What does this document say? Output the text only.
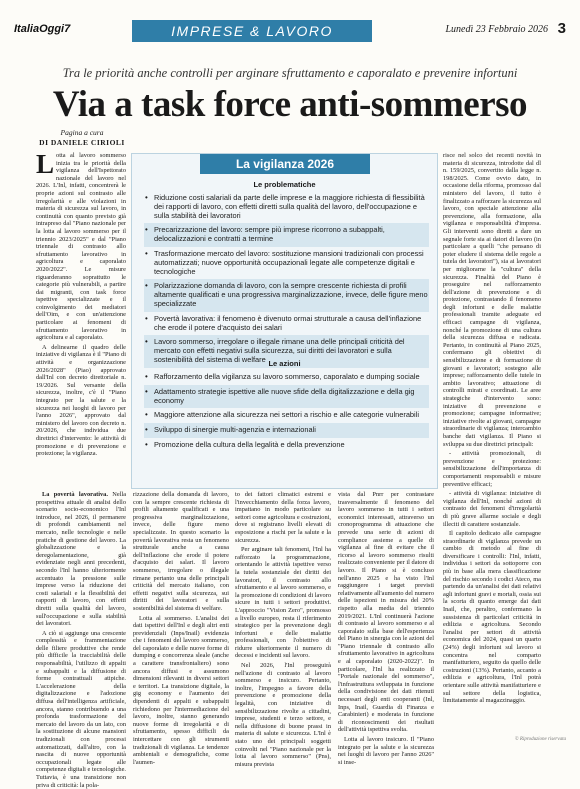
ItaliaOggi7	IMPRESE & LAVORO	Lunedì 23 Febbraio 2026 3
Tra le priorità anche controlli per arginare sfruttamento e caporalato e prevenire infortuni
Via a task force anti-sommerso
Pagina a cura
DI DANIELE CIRIOLI

Lotta al lavoro sommerso inizia tra le priorità della vigilanza dell'Ispettorato nazionale del lavoro nel 2026. L'Inl, infatti, concentrerà le proprie azioni sul contrasto alle irregolarità e alle violazioni in materia di sicurezza sul lavoro, in continuità con quanto previsto già intrapreso dal "Piano nazionale per la lotta al lavoro sommerso per il triennio 2023/2025" e dal "Piano triennale di contrasto allo sfruttamento lavorativo in agricoltura e caporalato 2020/2022". Le misure riguarderanno soprattutto le categorie più vulnerabili, a partire dai migranti, con task force ispettive specializzate e il coinvolgimento dei mediatori dell'Oim, e con un'attenzione particolare ai fenomeni di sfruttamento lavorativo in agricoltura e al caporalato.

A delinearne il quadro delle iniziative di vigilanza è il "Piano di attività e organizzazione 2026/2028" (Piao) approvato dall'Inl con decreto direttoriale n. 19/2026. Sul versante della sicurezza, inoltre, c'è il "Piano integrato per la salute e la sicurezza nei luoghi di lavoro per l'anno 2026", approvato dal ministero del lavoro con decreto n. 20/2026, che individua due direttrici d'intervento: le attività di promozione e di prevenzione e protezione; la vigilanza.

La povertà lavorativa. Nella prospettiva attuale di analisi dello scenario socio-economico l'Inl introduce, nel 2026, il permanere di profondi cambiamenti nel mercato, nelle tecnologie e nelle pratiche di gestione del lavoro. La globalizzazione e la deregolamentazione, già evidenziate negli anni precedenti, secondo l'Inl hanno ulteriormente accentuato la pressione sulle imprese verso la riduzione dei costi salariali e la flessibilità dei rapporti di lavoro, con effetti diretti sulla qualità del lavoro, sull'occupazione e sulla stabilità dei lavoratori.

A ciò si aggiunge una crescente complessità e frammentazione delle filiere produttive che rende più difficile la tracciabilità delle responsabilità, l'utilizzo di appalti e subappalti e la diffusione di forme contrattuali atipiche. L'accelerazione della digitalizzazione e l'adozione diffusa dell'intelligenza artificiale, ancora, stanno contribuendo a una profonda trasformazione del mercato del lavoro da un lato, con la sostituzione di alcune mansioni tradizionali con processi automatizzati, dall'altro, con la nascita di nuove opportunità occupazionali legate alle competenze digitali e tecnologiche. Tuttavia, è una transizione non priva di criticità: la pola-

rizzazione della domanda di lavoro, con la sempre crescente richiesta di profili altamente qualificati e una progressiva marginalizzazione, invece, delle figure meno specializzate. In questo scenario la povertà lavorativa resta un fenomeno strutturale anche a causa dell'inflazione che erode il potere d'acquisto dei salari. Il lavoro sommerso, irregolare o illegale rimane pertanto una delle principali criticità del mercato italiano, con effetti negativi sulla sicurezza, sui diritti dei lavoratori e sulla sostenibilità del sistema di welfare.

Lotta al sommerso. L'analisi dei dati ispettivi dell'Inl e degli altri enti previdenziali (Inps/Inail) evidenzia che i fenomeni del lavoro sommerso, del caporalato e delle nuove forme di dumping e concorrenza sleale (anche a carattere transfrontaliero) sono ancora diffusi e assumono dimensioni rilevanti in diversi settori e territori. La transizione digitale, la gig economy e l'aumento dei dipendenti di appalti e subappalti richiedono per l'intermediazione del lavoro, inoltre, stanno generando nuove forme di irregolarità e di sfruttamento, spesso difficili da intercettare con gli strumenti tradizionali di vigilanza. Le tendenze ambientali e demografiche, come l'aumen-

to dei fattori climatici estremi e l'invecchiamento della forza lavoro, impattano in modo particolare su settori come agricoltura e costruzioni, dove si registrano livelli elevati di esposizione a rischi per la salute e la sicurezza.

Per arginare tali fenomeni, l'Inl ha rafforzato la programmazione, orientando le attività ispettive verso la tutela sostanziale dei diritti dei lavoratori, il contrasto allo sfruttamento e al lavoro sommerso, e la promozione di condizioni di lavoro sicure in tutti i settori produttivi. L'approccio "Vision Zero", promosso a livello europeo, resta il riferimento strategico per la prevenzione degli infortuni e delle malattie professionali, con l'obiettivo di ridurre ulteriormente il numero di decessi e incidenti sul lavoro.

Nel 2026, l'Inl proseguirà nell'azione di contrasto al lavoro sommerso e insicuro. Pertanto, inoltre, l'impegno a favore della prevenzione e promozione della legalità, con iniziative di sensibilizzazione rivolte a cittadini, imprese, studenti e terzo settore, e nella diffusione di buone prassi in materia di salute e sicurezza. L'Inl è stato uno dei principali soggetti coinvolti nel "Piano nazionale per la lotta al lavoro sommerso" (Pns), misura prevista

vista dal Pnrr per contrastare trasversalmente il fenomeno del lavoro sommerso in tutti i settori economici interessati, attraverso un cronoprogramma di attuazione che prevede una serie di azioni di compliance assieme a quelle di vigilanza al fine di evitare che il ricorso al lavoro sommerso risulti realizzato conveniente per il datore di lavoro. Il Piano si è concluso nell'anno 2025 e ha visto l'Inl raggiungere i target previsti relativamente all'aumento del numero delle ispezioni in misura del 20% rispetto alla media del triennio 2019/2021. L'Inl continuerà l'azione di contrasto al lavoro sommerso e al caporalato sulla base dell'esperienza del Piano in sinergia con le azioni del "Piano triennale di contrasto allo sfruttamento lavorativo in agricoltura e al caporalato (2020-2022)". In particolare, l'Inl ha realizzato il "Portale nazionale del sommerso", l'infrastruttura sviluppata in funzione della condivisione dei dati ritenuti necessari degli enti cooperanti (Inl, Inps, Inail, Guardia di Finanza e Carabinieri) e moderata in funzione di riconoscimenti dei risultati dell'attività ispettiva svolta.

Lotta al lavoro insicuro. Il "Piano integrato per la salute e la sicurezza nei luoghi di lavoro per l'anno 2026" si inse-

risce nel solco dei recenti novità in materia di sicurezza, introdotte dal dl n. 159/2025, convertito dalla legge n. 198/2025. Come ovvio dato, in occasione della riforma, promosso dal ministero del lavoro, il tutto è finalizzato a rafforzare la sicurezza sul lavoro, con speciale attenzione alla prevenzione, alla formazione, alla vigilanza e responsabilità d'impresa. Gli interventi sono diretti a dare un segnale forte sia ai datori di lavoro (in particolare a quelli "che pensano di poter eludere il sistema delle regole a tutela dei lavoratori"), sia ai lavoratori per migliorarne la "cultura" della sicurezza. Finalità del Piano è proseguire nel rafforzamento dell'azione di prevenzione e di protezione, contrastando il fenomeno degli infortuni e delle malattie professionali tramite adeguate ed efficaci campagne di vigilanza, nonché la promozione di una cultura della sicurezza diffusa e radicata. Pertanto, in continuità al Piano 2025, confermano gli obiettivi di sensibilizzazione e di formazione di giovani e lavoratori; sostegno alle imprese; rafforzamento delle tutele in ambito lavorativo; attuazione di controlli mirati e coordinati. Le aree strategiche d'intervento sono: iniziative di prevenzione e promozione; campagne informative; iniziative rivolte ai giovani, campagne straordinarie di vigilanza; intercambio banche dati vigilanza. Il Piano si sviluppa su due direttrici principali:

- attività promozionali, di prevenzione e protezione: sensibilizzazione dell'importanza di comportamenti responsabili e misure preventive efficaci;

- attività di vigilanza: iniziative di vigilanza dell'Inl, nonché azioni di contrasto dei fenomeni d'irregolarità di più grave allarme sociale e degli illeciti di carattere sostanziale.

Il capitolo dedicato alle campagne straordinarie di vigilanza prevede un cambio di metodo al fine di diversificare i controlli: l'Inl, infatti, individua i settori da sottoporre con più in base alla mera classificazione del rischio secondo i codici Ateco, ma partendo da un'analisi dei dati relativi agli infortuni gravi e mortali, ossia sui la scorta di quanto emerge dai dati Inail, che, peraltro, confermano la sussistenza di particolari criticità in edilizia e agricoltura. Secondo l'analisi per settori di attività economica del 2024, quasi un quarto (24%) degli infortuni sul lavoro si concentra nel comparto manifatturiero, seguito da quello delle costruzioni (13%). Pertanto, accanto a edilizia e agricoltura, l'Inl potrà orientare sulle attività manifatturiere e sul settore della logistica, limitatamente al magazzinaggio.

La vigilanza 2026
Le problematiche
• Riduzione costi salariali da parte delle imprese e la maggiore richiesta di flessibilità dei rapporti di lavoro, con effetti diretti sulla qualità del lavoro, dell'occupazione e sulla stabilità dei lavoratori
• Precarizzazione del lavoro: sempre più imprese ricorrono a subappalti, delocalizzazioni e contratti a termine
• Trasformazione mercato del lavoro: sostituzione mansioni tradizionali con processi automatizzati; nuove opportunità occupazionali legate alle competenze digitali e tecnologiche
• Polarizzazione domanda di lavoro, con la sempre crescente richiesta di profili altamente qualificati e una progressiva marginalizzazione, invece, delle figure meno specializzate
• Povertà lavorativa: il fenomeno è divenuto ormai strutturale a causa dell'inflazione che erode il potere d'acquisto dei salari
• Lavoro sommerso, irregolare o illegale rimane una delle principali criticità del mercato con effetti negativi sulla sicurezza, sui diritti dei lavoratori e sulla sostenibilità del sistema di welfare Le azioni
• Rafforzamento della vigilanza su lavoro sommerso, caporalato e dumping sociale
• Adattamento strategie ispettive alle nuove sfide della digitalizzazione e della gig economy
• Maggiore attenzione alla sicurezza nei settori a rischio e alle categorie vulnerabili
• Sviluppo di sinergie multi-agenzia e internazionali
• Promozione della cultura della legalità e della prevenzione
© Riproduzione riservata
